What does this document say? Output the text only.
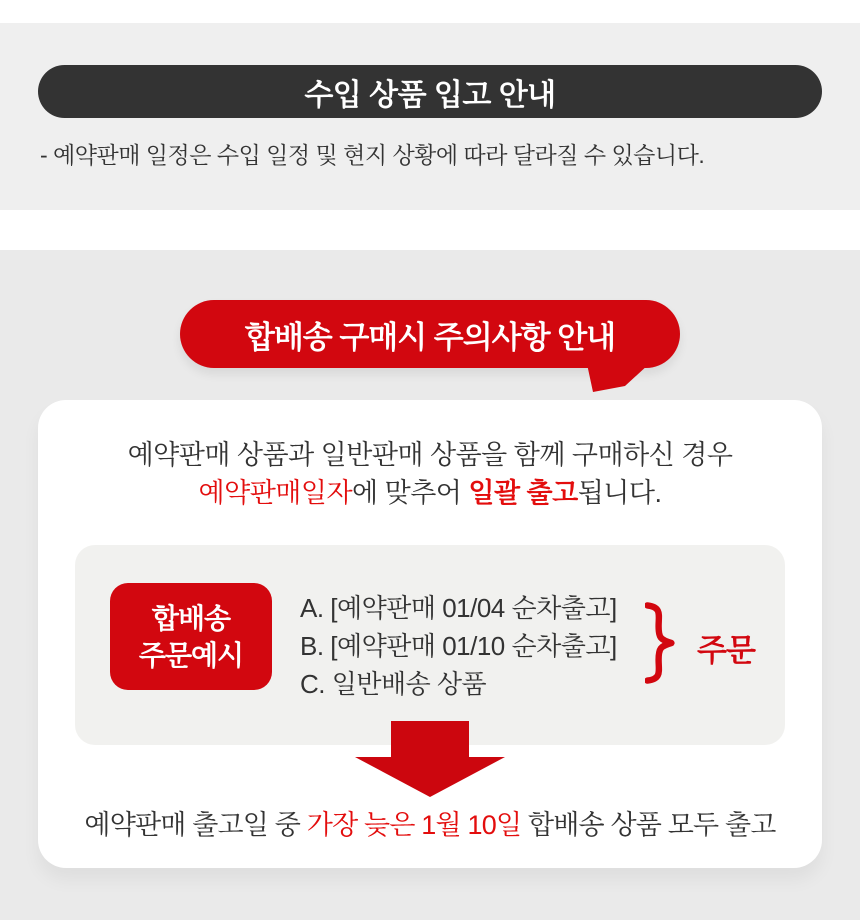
수입 상품 입고 안내
- 예약판매 일정은 수입 일정 및 현지 상황에 따라 달라질 수 있습니다.
합배송 구매시 주의사항 안내
예약판매 상품과 일반판매 상품을 함께 구매하신 경우
예약판매일자에 맞추어 일괄 출고됩니다.
합배송
주문예시
A. [예약판매 01/04 순차출고]
B. [예약판매 01/10 순차출고]
C. 일반배송 상품
주문
예약판매 출고일 중 가장 늦은 1월 10일 합배송 상품 모두 출고
